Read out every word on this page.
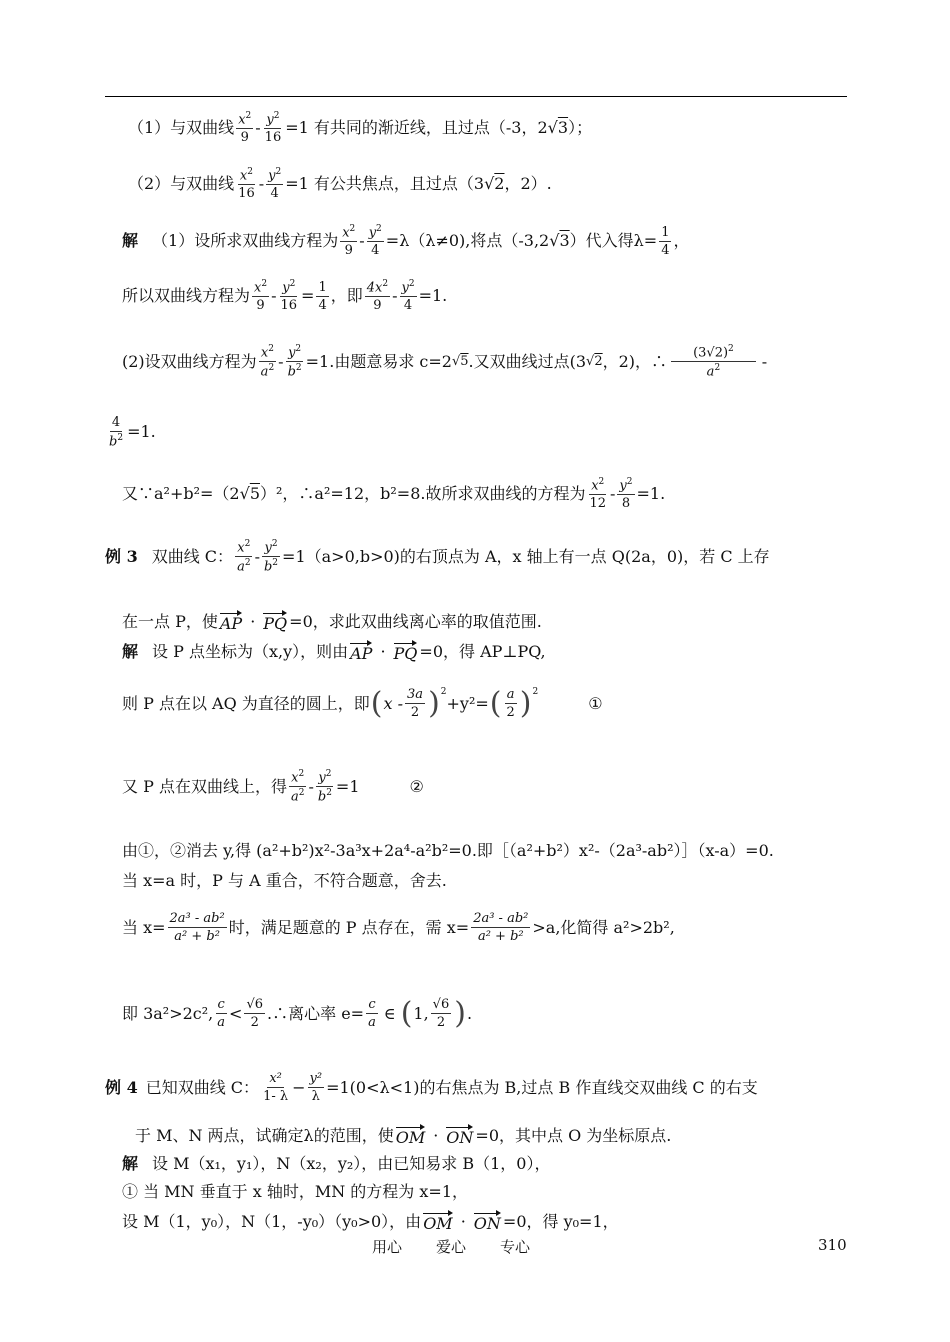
（1）与双曲线 $\frac{x^2}{9} - \frac{y^2}{16} =1$ 有共同的渐近线，且过点（-3，2 √3 ）；
（2）与双曲线 $\frac{x^2}{16} - \frac{y^2}{4} =1$ 有公共焦点，且过点（3 √2 ，2）.
解 （1）设所求双曲线方程为 $\frac{x^2}{9} - \frac{y^2}{4} =\lambda(\lambda\ne 0)$,将点（-3,2 √3 ）代入得$\lambda= \frac{1}{4}$ ，
所以双曲线方程为 $\frac{x^2}{9} - \frac{y^2}{16} = \frac{1}{4}$ ，即 $\frac{4x^2}{9} - \frac{y^2}{4} =1$.
(2)设双曲线方程为 $\frac{x^2}{a^2} - \frac{y^2}{b^2} =1$.由题意易求 c=2 √5 .又双曲线过点(3 √2 ，2)，∴ $\frac{(3√2)^2}{a^2}$ -
$\frac{4}{b^2} =1$.
又∵a²+b²=（2 √5 ）²，∴a²=12，b²=8.故所求双曲线的方程为 $\frac{x^2}{12} - \frac{y^2}{8} =1$.
例 3 双曲线 C： $\frac{x^2}{a^2} - \frac{y^2}{b^2} =1(a>0,b>0)$的右顶点为 A，x 轴上有一点 Q(2a，0)，若 C 上存
在一点 P，使 AP · PQ =0，求此双曲线离心率的取值范围.
解 设 P 点坐标为（x,y），则由 AP · PQ =0，得 AP⊥PQ,
则 P 点在以 AQ 为直径的圆上，即 ( x - $\frac{3a}{2} )^2$
+y²= ( $\frac{a}{2} )^2$
①
又 P 点在双曲线上，得 $\frac{x^2}{a^2} - \frac{y^2}{b^2} =1$	②
由①，②消去 y,得 (a²+b²)x²-3a³x+2a⁴-a²b²=0.即［（a²+b²）x²-（2a³-ab²）］（x-a）=0.
当 x=a 时，P 与 A 重合，不符合题意，舍去.
当 $x= \frac{\text{2a³ - ab²}}{\text{a² + b²}}$ 时，满足题意的 P 点存在，需 $x= \frac{\text{2a³ - ab²}}{\text{a² + b²}} >a$,化简得 a²>2b²,
即 3a²>2c², $\frac{c}{a} < \frac{√6}{2}$ .∴离心率 $e= \frac{c}{a}$ ∈ ( 1, $\frac{√6}{2}$ ) .
例 4 已知双曲线 C： $\frac{\text{x²}}{1- \lambda} - \frac{\text{y²}}{\lambda} =1(0<\lambda<1)$的右焦点为 B,过点 B 作直线交双曲线 C 的右支
于 M、N 两点，试确定λ的范围，使 OM · ON =0，其中点 O 为坐标原点.
解 设 M（x₁，y₁），N（x₂，y₂），由已知易求 B（1，0），
① 当 MN 垂直于 x 轴时，MN 的方程为 x=1，
设 M（1，y₀），N（1，-y₀）（y₀>0），由 OM · ON =0，得 y₀=1，
用心 爱心 专心	310
